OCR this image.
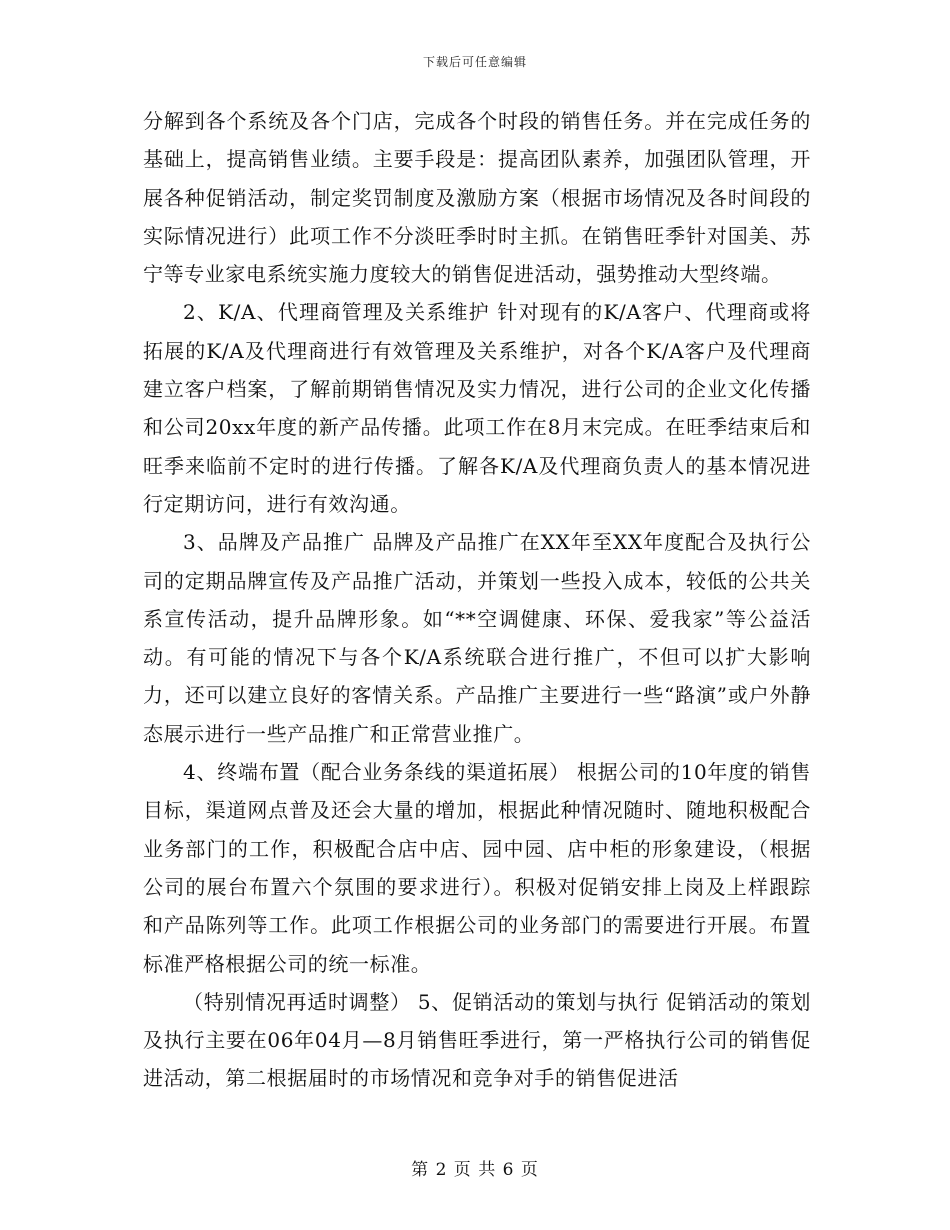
下载后可任意编辑

分解到各个系统及各个门店，完成各个时段的销售任务。并在完成任务的基础上，提高销售业绩。主要手段是：提高团队素养，加强团队管理，开展各种促销活动，制定奖罚制度及激励方案（根据市场情况及各时间段的实际情况进行）此项工作不分淡旺季时时主抓。在销售旺季针对国美、苏宁等专业家电系统实施力度较大的销售促进活动，强势推动大型终端。

2、K/A、代理商管理及关系维护 针对现有的K/A客户、代理商或将拓展的K/A及代理商进行有效管理及关系维护，对各个K/A客户及代理商建立客户档案，了解前期销售情况及实力情况，进行公司的企业文化传播和公司20xx年度的新产品传播。此项工作在8月末完成。在旺季结束后和旺季来临前不定时的进行传播。了解各K/A及代理商负责人的基本情况进行定期访问，进行有效沟通。

3、品牌及产品推广 品牌及产品推广在XX年至XX年度配合及执行公司的定期品牌宣传及产品推广活动，并策划一些投入成本，较低的公共关系宣传活动，提升品牌形象。如“**空调健康、环保、爱我家”等公益活动。有可能的情况下与各个K/A系统联合进行推广，不但可以扩大影响力，还可以建立良好的客情关系。产品推广主要进行一些“路演”或户外静态展示进行一些产品推广和正常营业推广。

4、终端布置（配合业务条线的渠道拓展） 根据公司的10年度的销售目标，渠道网点普及还会大量的增加，根据此种情况随时、随地积极配合业务部门的工作，积极配合店中店、园中园、店中柜的形象建设，（根据公司的展台布置六个氛围的要求进行）。积极对促销安排上岗及上样跟踪和产品陈列等工作。此项工作根据公司的业务部门的需要进行开展。布置标准严格根据公司的统一标准。

（特别情况再适时调整） 5、促销活动的策划与执行 促销活动的策划及执行主要在06年04月—8月销售旺季进行，第一严格执行公司的销售促进活动，第二根据届时的市场情况和竞争对手的销售促进活

第 2 页 共 6 页
